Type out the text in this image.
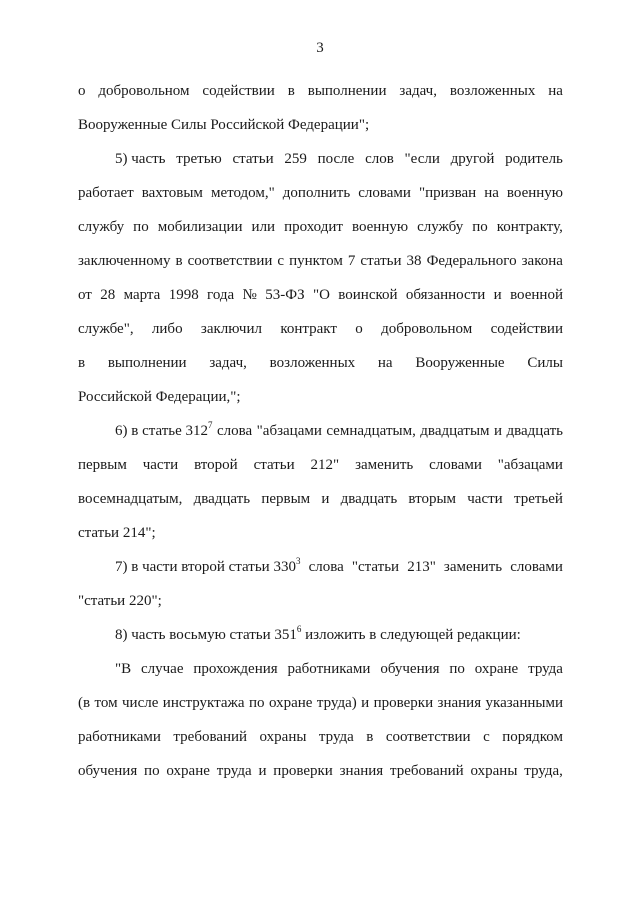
3
о добровольном содействии в выполнении задач, возложенных на
Вооруженные Силы Российской Федерации";
5) часть третью статьи 259 после слов "если другой родитель
работает вахтовым методом," дополнить словами "призван на военную
службу по мобилизации или проходит военную службу по контракту,
заключенному в соответствии с пунктом 7 статьи 38 Федерального закона
от 28 марта 1998 года № 53-ФЗ "О воинской обязанности и военной
службе", либо заключил контракт о добровольном содействии
в выполнении задач, возложенных на Вооруженные Силы
Российской Федерации,";
6) в статье $312^7$ слова "абзацами семнадцатым, двадцатым и двадцать
первым части второй статьи 212" заменить словами "абзацами
восемнадцатым, двадцать первым и двадцать вторым части третьей
статьи 214";
7) в части второй статьи $330^3$ слова "статьи 213" заменить словами
"статьи 220";
8) часть восьмую статьи $351^6$ изложить в следующей редакции:
"В случае прохождения работниками обучения по охране труда
(в том числе инструктажа по охране труда) и проверки знания указанными
работниками требований охраны труда в соответствии с порядком
обучения по охране труда и проверки знания требований охраны труда,
